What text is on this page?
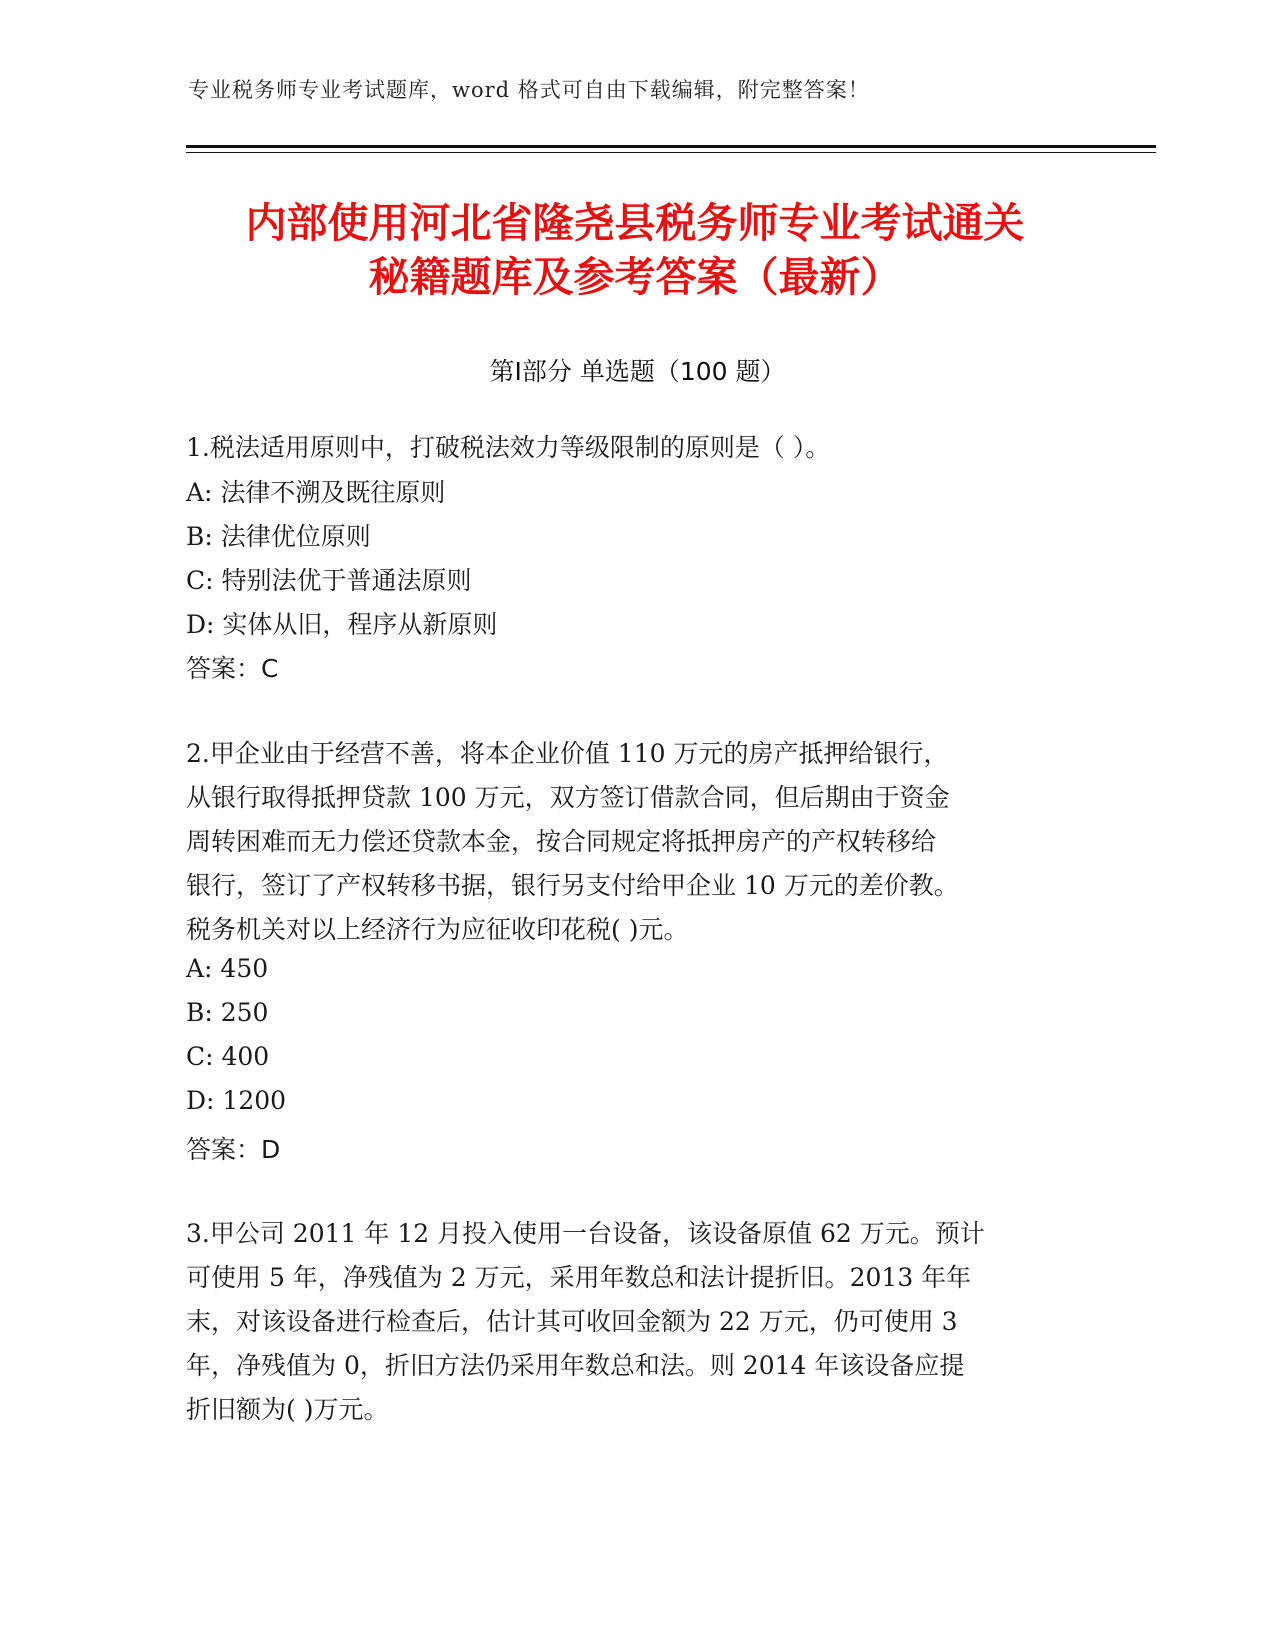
专业税务师专业考试题库，word 格式可自由下载编辑，附完整答案！
内部使用河北省隆尧县税务师专业考试通关
秘籍题库及参考答案（最新）
第Ⅰ部分 单选题（100 题）
1.税法适用原则中，打破税法效力等级限制的原则是（ ）。
A: 法律不溯及既往原则
B: 法律优位原则
C: 特别法优于普通法原则
D: 实体从旧，程序从新原则
答案：C
2.甲企业由于经营不善，将本企业价值 110 万元的房产抵押给银行，
从银行取得抵押贷款 100 万元，双方签订借款合同，但后期由于资金
周转困难而无力偿还贷款本金，按合同规定将抵押房产的产权转移给
银行，签订了产权转移书据，银行另支付给甲企业 10 万元的差价教。
税务机关对以上经济行为应征收印花税( )元。
A: 450
B: 250
C: 400
D: 1200
答案：D
3.甲公司 2011 年 12 月投入使用一台设备，该设备原值 62 万元。预计
可使用 5 年，净残值为 2 万元，采用年数总和法计提折旧。2013 年年
末，对该设备进行检查后，估计其可收回金额为 22 万元，仍可使用 3
年，净残值为 0，折旧方法仍采用年数总和法。则 2014 年该设备应提
折旧额为( )万元。
